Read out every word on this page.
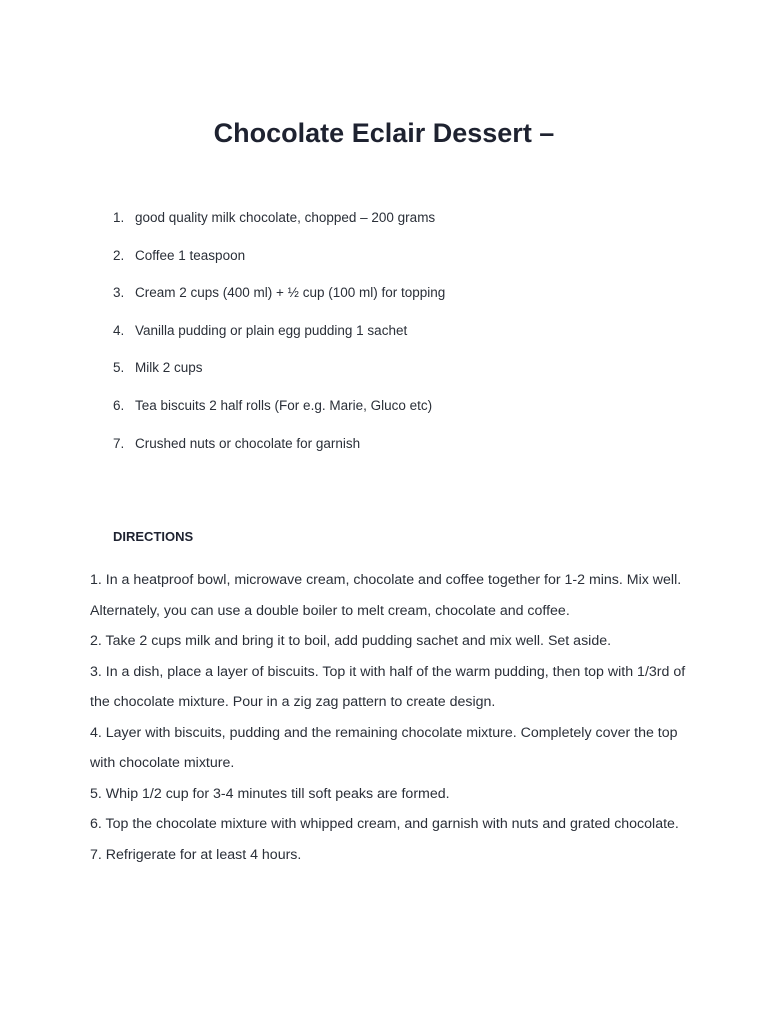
Chocolate Eclair Dessert –
1. good quality milk chocolate, chopped – 200 grams
2. Coffee 1 teaspoon
3. Cream 2 cups (400 ml) + ½ cup (100 ml) for topping
4. Vanilla pudding or plain egg pudding 1 sachet
5. Milk 2 cups
6. Tea biscuits 2 half rolls (For e.g. Marie, Gluco etc)
7. Crushed nuts or chocolate for garnish
DIRECTIONS

1. In a heatproof bowl, microwave cream, chocolate and coffee together for 1-2 mins. Mix well.

Alternately, you can use a double boiler to melt cream, chocolate and coffee.

2. Take 2 cups milk and bring it to boil, add pudding sachet and mix well. Set aside.

3. In a dish, place a layer of biscuits. Top it with half of the warm pudding, then top with 1/3rd of

the chocolate mixture. Pour in a zig zag pattern to create design.

4. Layer with biscuits, pudding and the remaining chocolate mixture. Completely cover the top

with chocolate mixture.

5. Whip 1/2 cup for 3-4 minutes till soft peaks are formed.

6. Top the chocolate mixture with whipped cream, and garnish with nuts and grated chocolate.

7. Refrigerate for at least 4 hours.
